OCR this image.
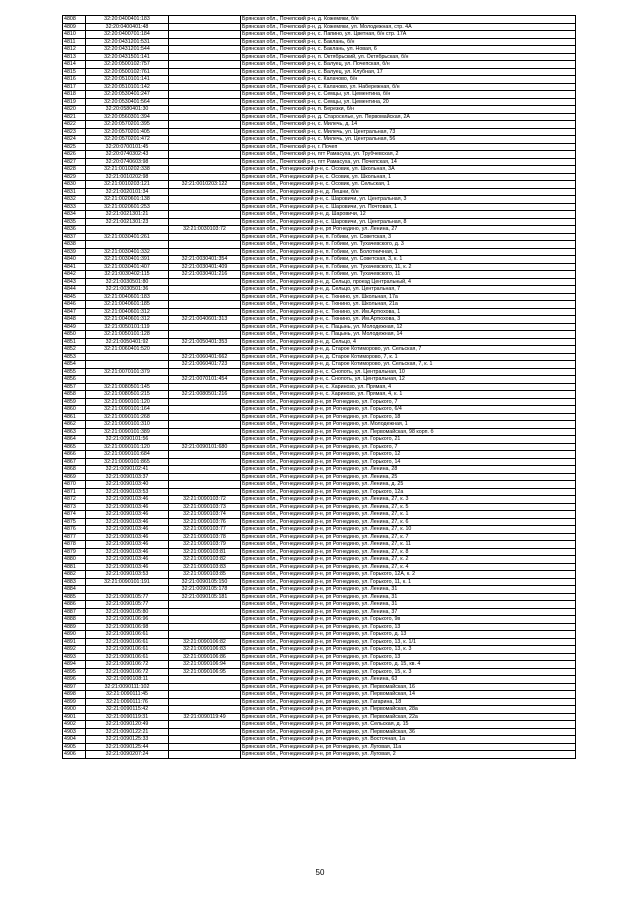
4808	32:20:0400401:183		Брянская обл., Почепский р-н, д. Кожемяки, б/н
4809	32:20:0400401:48		Брянская обл., Почепский р-н, д. Кожемяки, ул. Молодежная, стр. 4А
4810	32:20:0400701:184		Брянская обл., Почепский р-н, с. Папино, ул. Цветная, б/н стр. 17А
4811	32:20:0431201:531		Брянская обл., Почепский р-н, с. Баклань, б/н
4812	32:20:0431201:544		Брянская обл., Почепский р-н, с. Баклань, ул. Новая, 6
4813	32:20:0431501:141		Брянская обл., Почепский р-н, п. Октябрьский, ул. Октябрьская, б/н
4814	32:20:0500102:757		Брянская обл., Почепский р-н, с. Валуец, ул. Почепская, б/н
4815	32:20:0500102:761		Брянская обл., Почепский р-н, с. Валуец, ул. Клубная, 17
4816	32:20:0510101:141		Брянская обл., Почепский р-н, с. Калачово, б/н
4817	32:20:0510101:142		Брянская обл., Почепский р-н, с. Калачово, ул. Набережная, б/н
4818	32:20:0530401:247		Брянская обл., Почепский р-н, с. Семцы, ул. Цементина, б/н
4819	32:20:0530401:564		Брянская обл., Почепский р-н, с. Семцы, ул. Цементина, 20
4820	32:20:0580401:30		Брянская обл., Почепский р-н, п. Березки, б/н
4821	32:20:0560301:394		Брянская обл., Почепский р-н, д. Староселье, ул. Первомайская, 2А
4822	32:20:0570201:395		Брянская обл., Почепский р-н, с. Милечь, д. 14
4823	32:20:0570201:405		Брянская обл., Почепский р-н, с. Милечь, ул. Центральная, 73
4824	32:20:0570201:472		Брянская обл., Почепский р-н, с. Милечь, ул. Центральная, 56
4825	32:20:0700101:45		Брянская обл., Почепский р-н, г. Почеп
4826	32:20:0740302:43		Брянская обл., Почепский р-н, пгт Рамасуха, ул. Трубчевская, 2
4827	32:20:0740603:98		Брянская обл., Почепский р-н, пгт Рамасуха, ул. Почепская, 14
4828	32:21:0010202:338		Брянская обл., Рогнединский р-н, с. Осовик, ул. Школьная, 3А
4829	32:21:0010202:98		Брянская обл., Рогнединский р-н, с. Осовик, ул. Школьная, 1
4830	32:21:0010203:121	32:21:0010203:122	Брянская обл., Рогнединский р-н, с. Осовик, ул. Сельская, 1
4831	32:21:0020101:34		Брянская обл., Рогнединский р-н, д. Лешни, б/н
4832	32:21:0020601:138		Брянская обл., Рогнединский р-н, с. Шаровичи, ул. Центральная, 3
4833	32:21:0020601:253		Брянская обл., Рогнединский р-н, с. Шаровичи, ул. Почтовая, 1
4834	32:21:0021301:21		Брянская обл., Рогнединский р-н, д. Шаровичи, 12
4835	32:21:0021301:23		Брянская обл., Рогнединский р-н, с. Шаровичи, ул. Центральная, 8
4836		32:21:0030103:72	Брянская обл., Рогнединский р-н, рп Рогнедино, ул. Ленина, 27
4837	32:21:0030401:261		Брянская обл., Рогнединский р-н, п. Гобики, ул. Советская, 3
4838			Брянская обл., Рогнединский р-н, п. Гобики, ул. Тухачевского, д. 3
4839	32:21:0030401:332		Брянская обл., Рогнединский р-н, п. Гобики, ул. Болотничная, 1
4840	32:21:0030401:391	32:21:0030401:354	Брянская обл., Рогнединский р-н, п. Гобики, ул. Советская, 3, к. 1
4841	32:21:0030401:407	32:21:0030401:409	Брянская обл., Рогнединский р-н, п. Гобики, ул. Тухачевского, 11, к. 2
4842	32:21:0030402:115	32:21:0030401:216	Брянская обл., Рогнединский р-н, п. Гобики, ул. Тухачевского, 11
4843	32:21:0030501:80		Брянская обл., Рогнединский р-н, д. Сельцо, проезд Центральный, 4
4844	32:21:0030501:36		Брянская обл., Рогнединский р-н, д. Сельцо, ул. Центральная, 7
4845	32:21:0040601:183		Брянская обл., Рогнединский р-н, с. Тюнино, ул. Школьная, 17а
4846	32:21:0040601:185		Брянская обл., Рогнединский р-н, с. Тюнино, ул. Школьная, 21а
4847	32:21:0040601:312		Брянская обл., Рогнединский р-н, с. Тюнино, ул. Им.Артюхова, 1
4848	32:21:0040601:312	32:21:0040601:313	Брянская обл., Рогнединский р-н, с. Тюнино, ул. Им.Артюхова, 3
4849	32:21:0050101:119		Брянская обл., Рогнединский р-н, с. Пацынь, ул. Молодежная, 12
4850	32:21:0050101:128		Брянская обл., Рогнединский р-н, с. Пацынь, ул. Молодежная, 14
4851	32:21:0050401:92	32:21:0050401:353	Брянская обл., Рогнединский р-н, д. Сельцо, 4
4852	32:21:0060401:520		Брянская обл., Рогнединский р-н, д. Старое Котиморово, ул. Сельская, 7
4853		32:21:0060401:662	Брянская обл., Рогнединский р-н, д. Старое Котиморово, 7, к. 1
4854		32:21:0060401:723	Брянская обл., Рогнединский р-н, д. Старое Котиморово, ул. Сельская, 7, к. 1
4855	32:21:0070101:379		Брянская обл., Рогнединский р-н, с. Снопоть, ул. Центральная, 10
4856		32:21:0070101:454	Брянская обл., Рогнединский р-н, с. Снопоть, ул. Центральная, 12
4857	32:21:0080501:145		Брянская обл., Рогнединский р-н, с. Харинозо, ул. Прямая, 4
4858	32:21:0080501:215	32:21:0080501:216	Брянская обл., Рогнединский р-н, с. Харинозо, ул. Прямая, 4, к. 1
4859	32:21:0090101:120		Брянская обл., Рогнединский р-н, рп Рогнедино, ул. Горького, 7
4860	32:21:0090101:164		Брянская обл., Рогнединский р-н, рп Рогнедино, ул. Горького, 6/4
4861	32:21:0090101:268		Брянская обл., Рогнединский р-н, рп Рогнедино, ул. Горького, 18
4862	32:21:0090101:310		Брянская обл., Рогнединский р-н, рп Рогнедино, ул. Молодежная, 1
4863	32:21:0090101:389		Брянская обл., Рогнединский р-н, рп Рогнедино, ул. Первомайская, 98 корп. б
4864	32:21:0090101:56		Брянская обл., Рогнединский р-н, рп Рогнедино, ул. Горького, 21
4865	32:21:0090101:120	32:21:0090101:680	Брянская обл., Рогнединский р-н, рп Рогнедино, ул. Горького, 7
4866	32:21:0090101:684		Брянская обл., Рогнединский р-н, рп Рогнедино, ул. Горького, 12
4867	32:21:0090101:865		Брянская обл., Рогнединский р-н, рп Рогнедино, ул. Горького, 14
4868	32:21:0090102:41		Брянская обл., Рогнединский р-н, рп Рогнедино, ул. Ленина, 28
4869	32:21:0090103:37		Брянская обл., Рогнединский р-н, рп Рогнедино, ул. Ленина, 25
4870	32:21:0090103:40		Брянская обл., Рогнединский р-н, рп Рогнедино, ул. Ленина, д. 25
4871	32:21:0090103:53		Брянская обл., Рогнединский р-н, рп Рогнедино, ул. Горького, 12а
4872	32:21:0090103:46	32:21:0090103:72	Брянская обл., Рогнединский р-н, рп Рогнедино, ул. Ленина, 27, к. 3
4873	32:21:0090103:46	32:21:0090103:73	Брянская обл., Рогнединский р-н, рп Рогнедино, ул. Ленина, 27, к. 5
4874	32:21:0090103:46	32:21:0090103:74	Брянская обл., Рогнединский р-н, рп Рогнедино, ул. Ленина, 27, к. 1
4875	32:21:0090103:46	32:21:0090103:76	Брянская обл., Рогнединский р-н, рп Рогнедино, ул. Ленина, 27, к. 6
4876	32:21:0090103:46	32:21:0090103:77	Брянская обл., Рогнединский р-н, рп Рогнедино, ул. Ленина, 27, к. 10
4877	32:21:0090103:46	32:21:0090103:78	Брянская обл., Рогнединский р-н, рп Рогнедино, ул. Ленина, 27, к. 7
4878	32:21:0090103:46	32:21:0090103:79	Брянская обл., Рогнединский р-н, рп Рогнедино, ул. Ленина, 27, к. 11
4879	32:21:0090103:46	32:21:0090103:81	Брянская обл., Рогнединский р-н, рп Рогнедино, ул. Ленина, 27, к. 8
4880	32:21:0090103:46	32:21:0090103:82	Брянская обл., Рогнединский р-н, рп Рогнедино, ул. Ленина, 27, к. 2
4881	32:21:0090103:46	32:21:0090103:83	Брянская обл., Рогнединский р-н, рп Рогнедино, ул. Ленина, 27, к. 4
4882	32:21:0090103:53	32:21:0090103:85	Брянская обл., Рогнединский р-н, рп Рогнедино, ул. Горького, 12А, к. 2
4883	32:21:0090101:191	32:21:0090105:150	Брянская обл., Рогнединский р-н, рп Рогнедино, ул. Горького, 11, к. 1
4884		32:21:0090105:178	Брянская обл., Рогнединский р-н, рп Рогнедино, ул. Ленина, 31
4885	32:21:0090105:77	32:21:0090105:181	Брянская обл., Рогнединский р-н, рп Рогнедино, ул. Ленина, 31
4886	32:21:0090105:77		Брянская обл., Рогнединский р-н, рп Рогнедино, ул. Ленина, 31
4887	32:21:0090105:80		Брянская обл., Рогнединский р-н, рп Рогнедино, ул. Ленина, 37
4888	32:21:0090106:96		Брянская обл., Рогнединский р-н, рп Рогнедино, ул. Горького, 9в
4889	32:21:0090106:98		Брянская обл., Рогнединский р-н, рп Рогнедино, ул. Горького, 13
4890	32:21:0090106:61		Брянская обл., Рогнединский р-н, рп Рогнедино, ул. Горького, д. 13
4891	32:21:0090106:61	32:21:0090106:82	Брянская обл., Рогнединский р-н, рп Рогнедино, ул. Горького, 13, к. 1/1
4892	32:21:0090106:61	32:21:0090106:83	Брянская обл., Рогнединский р-н, рп Рогнедино, ул. Горького, 13, к. 3
4893	32:21:0090106:61	32:21:0090106:86	Брянская обл., Рогнединский р-н, рп Рогнедино, ул. Горького, 13
4894	32:21:0090106:72	32:21:0090106:94	Брянская обл., Рогнединский р-н, рп Рогнедино, ул. Горького, д. 15, кв. 4
4895	32:21:0090106:72	32:21:0090106:95	Брянская обл., Рогнединский р-н, рп Рогнедино, ул. Горького, 15, к. 3
4896	32:21:0090108:11		Брянская обл., Рогнединский р-н, рп Рогнедино, ул. Ленина, 63
4897	32:21:0090111:102		Брянская обл., Рогнединский р-н, рп Рогнедино, ул. Первомайская, 16
4898	32:21:0090111:45		Брянская обл., Рогнединский р-н, рп Рогнедино, ул. Первомайская, 14
4899	32:21:0090111:76		Брянская обл., Рогнединский р-н, рп Рогнедино, ул. Гагарина, 18
4900	32:21:0090115:42		Брянская обл., Рогнединский р-н, рп Рогнедино, ул. Первомайская, 28а
4901	32:21:0090119:31	32:21:0090119:49	Брянская обл., Рогнединский р-н, рп Рогнедино, ул. Первомайская, 22а
4902	32:21:0090120:49		Брянская обл., Рогнединский р-н, рп Рогнедино, ул. Сельская, д. 15
4903	32:21:0090122:21		Брянская обл., Рогнединский р-н, рп Рогнедино, ул. Первомайская, 36
4904	32:21:0090125:33		Брянская обл., Рогнединский р-н, рп Рогнедино, ул. Восточная, 1а
4905	32:21:0090125:44		Брянская обл., Рогнединский р-н, рп Рогнедино, ул. Луговая, 11а
4906	32:21:0090207:24		Брянская обл., Рогнединский р-н, рп Рогнедино, ул. Луговая, 2
50
